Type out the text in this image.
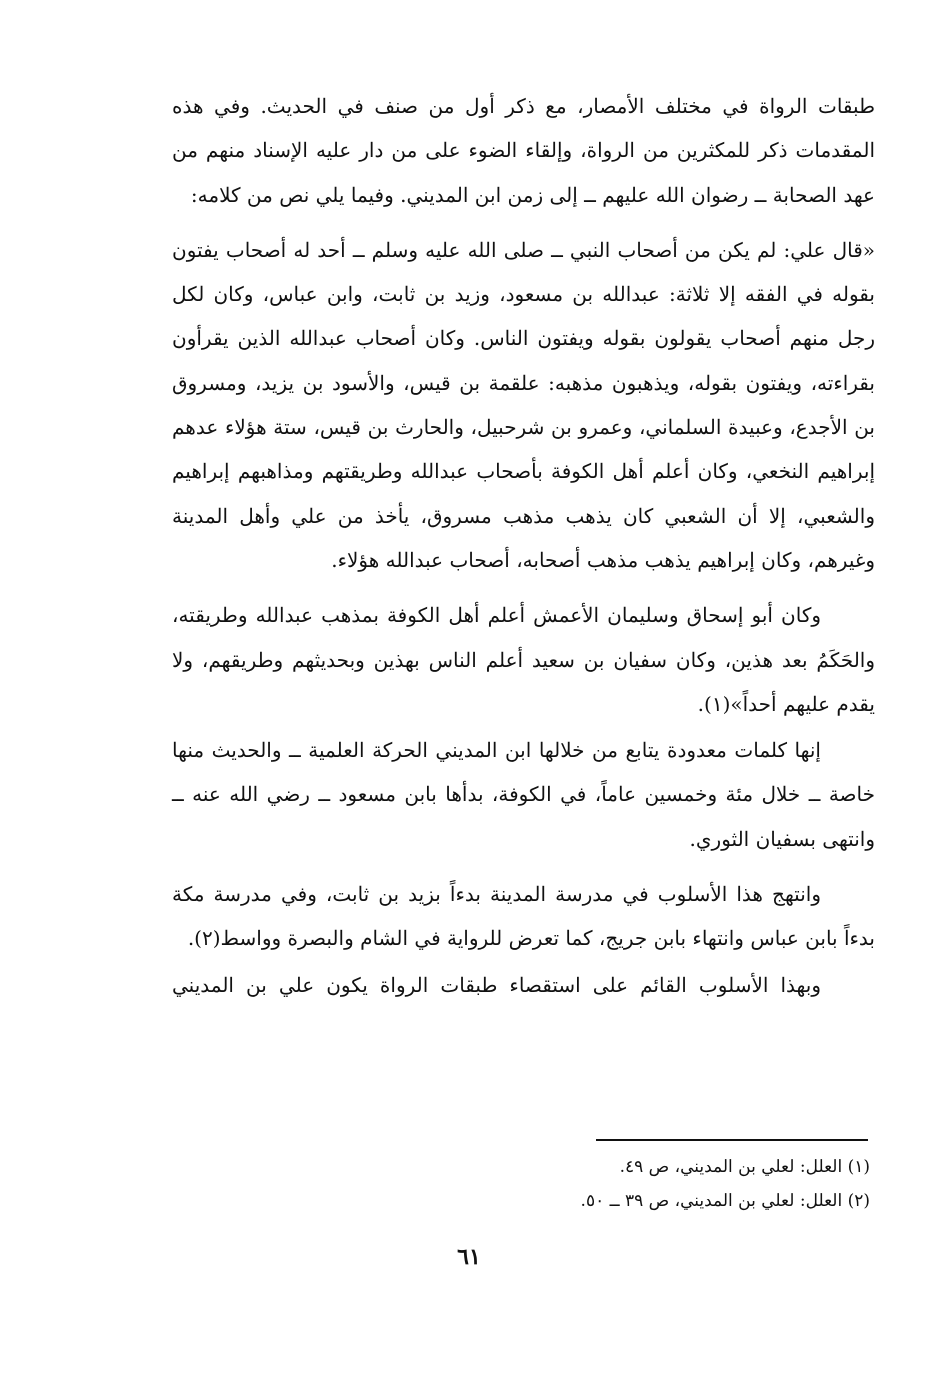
طبقات الرواة في مختلف الأمصار، مع ذكر أول من صنف في الحديث. وفي هذه المقدمات ذكر للمكثرين من الرواة، وإلقاء الضوء على من دار عليه الإسناد منهم من عهد الصحابة ــ رضوان الله عليهم ــ إلى زمن ابن المديني. وفيما يلي نص من كلامه:

«قال علي: لم يكن من أصحاب النبي ــ صلى الله عليه وسلم ــ أحد له أصحاب يفتون بقوله في الفقه إلا ثلاثة: عبدالله بن مسعود، وزيد بن ثابت، وابن عباس، وكان لكل رجل منهم أصحاب يقولون بقوله ويفتون الناس. وكان أصحاب عبدالله الذين يقرأون بقراءته، ويفتون بقوله، ويذهبون مذهبه: علقمة بن قيس، والأسود بن يزيد، ومسروق بن الأجدع، وعبيدة السلماني، وعمرو بن شرحبيل، والحارث بن قيس، ستة هؤلاء عدهم إبراهيم النخعي، وكان أعلم أهل الكوفة بأصحاب عبدالله وطريقتهم ومذاهبهم إبراهيم والشعبي، إلا أن الشعبي كان يذهب مذهب مسروق، يأخذ من علي وأهل المدينة وغيرهم، وكان إبراهيم يذهب مذهب أصحابه، أصحاب عبدالله هؤلاء.

وكان أبو إسحاق وسليمان الأعمش أعلم أهل الكوفة بمذهب عبدالله وطريقته، والحَكَمُ بعد هذين، وكان سفيان بن سعيد أعلم الناس بهذين وبحديثهم وطريقهم، ولا يقدم عليهم أحداً»(١).

إنها كلمات معدودة يتابع من خلالها ابن المديني الحركة العلمية ــ والحديث منها خاصة ــ خلال مئة وخمسين عاماً، في الكوفة، بدأها بابن مسعود ــ رضي الله عنه ــ وانتهى بسفيان الثوري.

وانتهج هذا الأسلوب في مدرسة المدينة بدءاً بزيد بن ثابت، وفي مدرسة مكة بدءاً بابن عباس وانتهاء بابن جريج، كما تعرض للرواية في الشام والبصرة وواسط(٢).

وبهذا الأسلوب القائم على استقصاء طبقات الرواة يكون علي بن المديني

(١) العلل: لعلي بن المديني، ص ٤٩.

(٢) العلل: لعلي بن المديني، ص ٣٩ ــ ٥٠.

٦١
